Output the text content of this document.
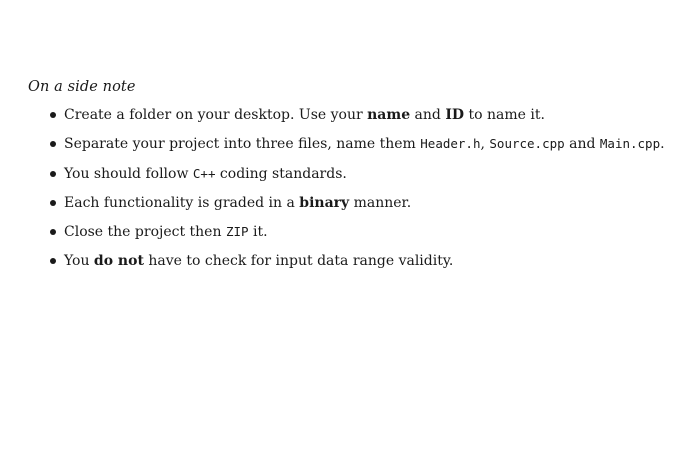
On a side note
Create a folder on your desktop. Use your name and ID to name it.
Separate your project into three files, name them Header.h, Source.cpp and Main.cpp.
You should follow C++ coding standards.
Each functionality is graded in a binary manner.
Close the project then ZIP it.
You do not have to check for input data range validity.
